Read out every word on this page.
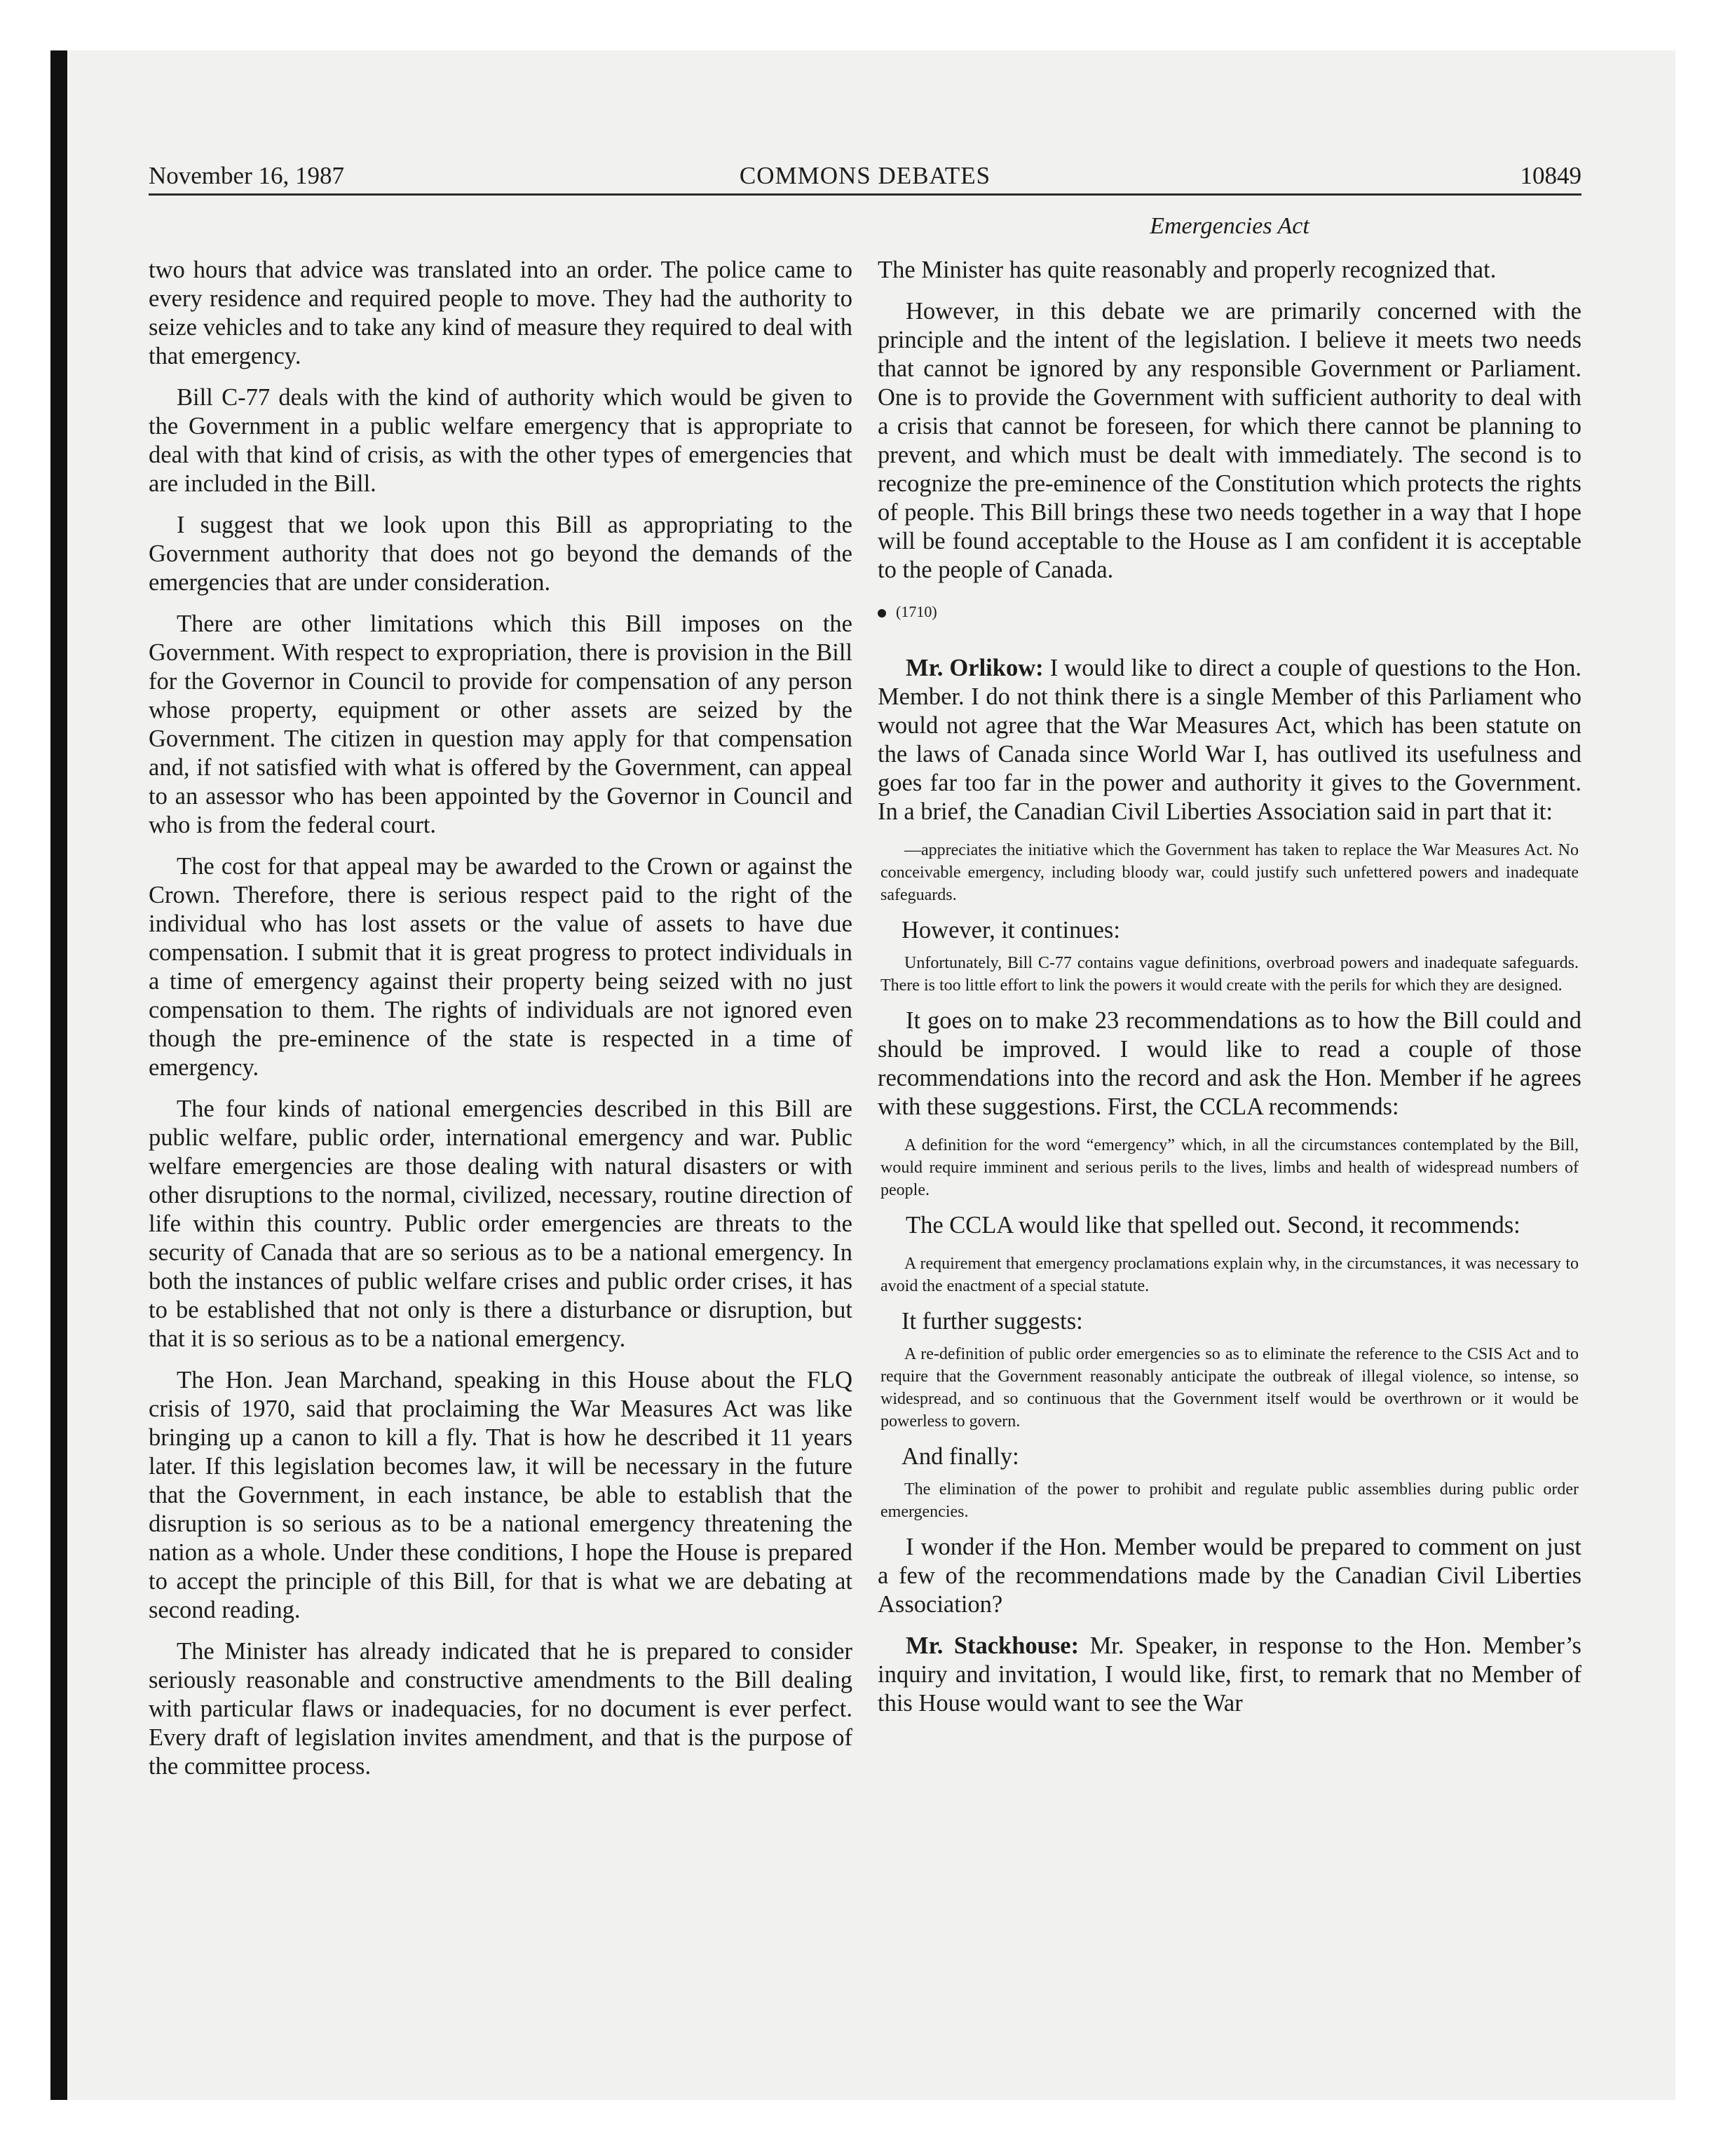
November 16, 1987	COMMONS DEBATES	10849
Emergencies Act

two hours that advice was translated into an order. The police came to every residence and required people to move. They had the authority to seize vehicles and to take any kind of measure they required to deal with that emergency.

Bill C-77 deals with the kind of authority which would be given to the Government in a public welfare emergency that is appropriate to deal with that kind of crisis, as with the other types of emergencies that are included in the Bill.

I suggest that we look upon this Bill as appropriating to the Government authority that does not go beyond the demands of the emergencies that are under consideration.

There are other limitations which this Bill imposes on the Government. With respect to expropriation, there is provision in the Bill for the Governor in Council to provide for compensation of any person whose property, equipment or other assets are seized by the Government. The citizen in question may apply for that compensation and, if not satisfied with what is offered by the Government, can appeal to an assessor who has been appointed by the Governor in Council and who is from the federal court.

The cost for that appeal may be awarded to the Crown or against the Crown. Therefore, there is serious respect paid to the right of the individual who has lost assets or the value of assets to have due compensation. I submit that it is great progress to protect individuals in a time of emergency against their property being seized with no just compensation to them. The rights of individuals are not ignored even though the pre-eminence of the state is respected in a time of emergency.

The four kinds of national emergencies described in this Bill are public welfare, public order, international emergency and war. Public welfare emergencies are those dealing with natural disasters or with other disruptions to the normal, civilized, necessary, routine direction of life within this country. Public order emergencies are threats to the security of Canada that are so serious as to be a national emergency. In both the instances of public welfare crises and public order crises, it has to be established that not only is there a disturbance or disruption, but that it is so serious as to be a national emergency.

The Hon. Jean Marchand, speaking in this House about the FLQ crisis of 1970, said that proclaiming the War Measures Act was like bringing up a canon to kill a fly. That is how he described it 11 years later. If this legislation becomes law, it will be necessary in the future that the Government, in each instance, be able to establish that the disruption is so serious as to be a national emergency threatening the nation as a whole. Under these conditions, I hope the House is prepared to accept the principle of this Bill, for that is what we are debating at second reading.

The Minister has already indicated that he is prepared to consider seriously reasonable and constructive amendments to the Bill dealing with particular flaws or inadequacies, for no document is ever perfect. Every draft of legislation invites amendment, and that is the purpose of the committee process.

The Minister has quite reasonably and properly recognized that.

However, in this debate we are primarily concerned with the principle and the intent of the legislation. I believe it meets two needs that cannot be ignored by any responsible Government or Parliament. One is to provide the Government with sufficient authority to deal with a crisis that cannot be foreseen, for which there cannot be planning to prevent, and which must be dealt with immediately. The second is to recognize the pre-eminence of the Constitution which protects the rights of people. This Bill brings these two needs together in a way that I hope will be found acceptable to the House as I am confident it is acceptable to the people of Canada.

(1710)

Mr. Orlikow: I would like to direct a couple of questions to the Hon. Member. I do not think there is a single Member of this Parliament who would not agree that the War Measures Act, which has been statute on the laws of Canada since World War I, has outlived its usefulness and goes far too far in the power and authority it gives to the Government. In a brief, the Canadian Civil Liberties Association said in part that it:

—appreciates the initiative which the Government has taken to replace the War Measures Act. No conceivable emergency, including bloody war, could justify such unfettered powers and inadequate safeguards.

However, it continues:

Unfortunately, Bill C-77 contains vague definitions, overbroad powers and inadequate safeguards. There is too little effort to link the powers it would create with the perils for which they are designed.

It goes on to make 23 recommendations as to how the Bill could and should be improved. I would like to read a couple of those recommendations into the record and ask the Hon. Member if he agrees with these suggestions. First, the CCLA recommends:

A definition for the word “emergency” which, in all the circumstances contemplated by the Bill, would require imminent and serious perils to the lives, limbs and health of widespread numbers of people.

The CCLA would like that spelled out. Second, it recommends:

A requirement that emergency proclamations explain why, in the circumstances, it was necessary to avoid the enactment of a special statute.

It further suggests:

A re-definition of public order emergencies so as to eliminate the reference to the CSIS Act and to require that the Government reasonably anticipate the outbreak of illegal violence, so intense, so widespread, and so continuous that the Government itself would be overthrown or it would be powerless to govern.

And finally:

The elimination of the power to prohibit and regulate public assemblies during public order emergencies.

I wonder if the Hon. Member would be prepared to comment on just a few of the recommendations made by the Canadian Civil Liberties Association?

Mr. Stackhouse: Mr. Speaker, in response to the Hon. Member’s inquiry and invitation, I would like, first, to remark that no Member of this House would want to see the War
